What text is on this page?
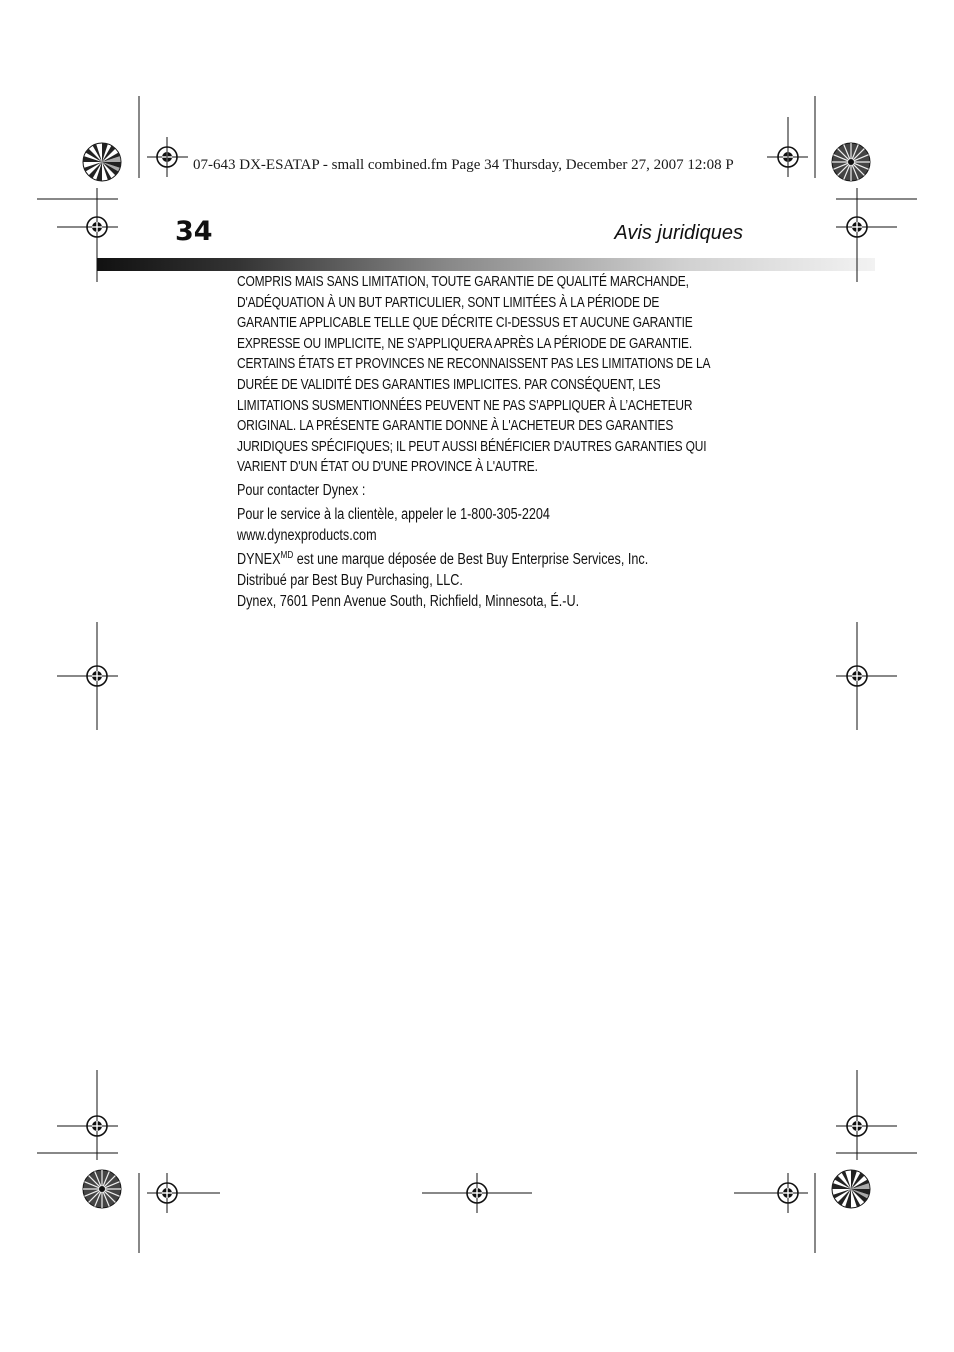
07-643 DX-ESATAP - small combined.fm Page 34 Thursday, December 27, 2007 12:08 P
34	Avis juridiques

COMPRIS MAIS SANS LIMITATION, TOUTE GARANTIE DE QUALITÉ MARCHANDE,

D'ADÉQUATION À UN BUT PARTICULIER, SONT LIMITÉES À LA PÉRIODE DE

GARANTIE APPLICABLE TELLE QUE DÉCRITE CI-DESSUS ET AUCUNE GARANTIE

EXPRESSE OU IMPLICITE, NE S’APPLIQUERA APRÈS LA PÉRIODE DE GARANTIE.

CERTAINS ÉTATS ET PROVINCES NE RECONNAISSENT PAS LES LIMITATIONS DE LA

DURÉE DE VALIDITÉ DES GARANTIES IMPLICITES. PAR CONSÉQUENT, LES

LIMITATIONS SUSMENTIONNÉES PEUVENT NE PAS S'APPLIQUER À L’ACHETEUR

ORIGINAL. LA PRÉSENTE GARANTIE DONNE À L'ACHETEUR DES GARANTIES

JURIDIQUES SPÉCIFIQUES; IL PEUT AUSSI BÉNÉFICIER D'AUTRES GARANTIES QUI

VARIENT D'UN ÉTAT OU D'UNE PROVINCE À L'AUTRE.

Pour contacter Dynex :

Pour le service à la clientèle, appeler le 1-800-305-2204

www.dynexproducts.com

$DYNEX^{MD}$ est une marque déposée de Best Buy Enterprise Services, Inc.

Distribué par Best Buy Purchasing, LLC.

Dynex, 7601 Penn Avenue South, Richfield, Minnesota, É.-U.
